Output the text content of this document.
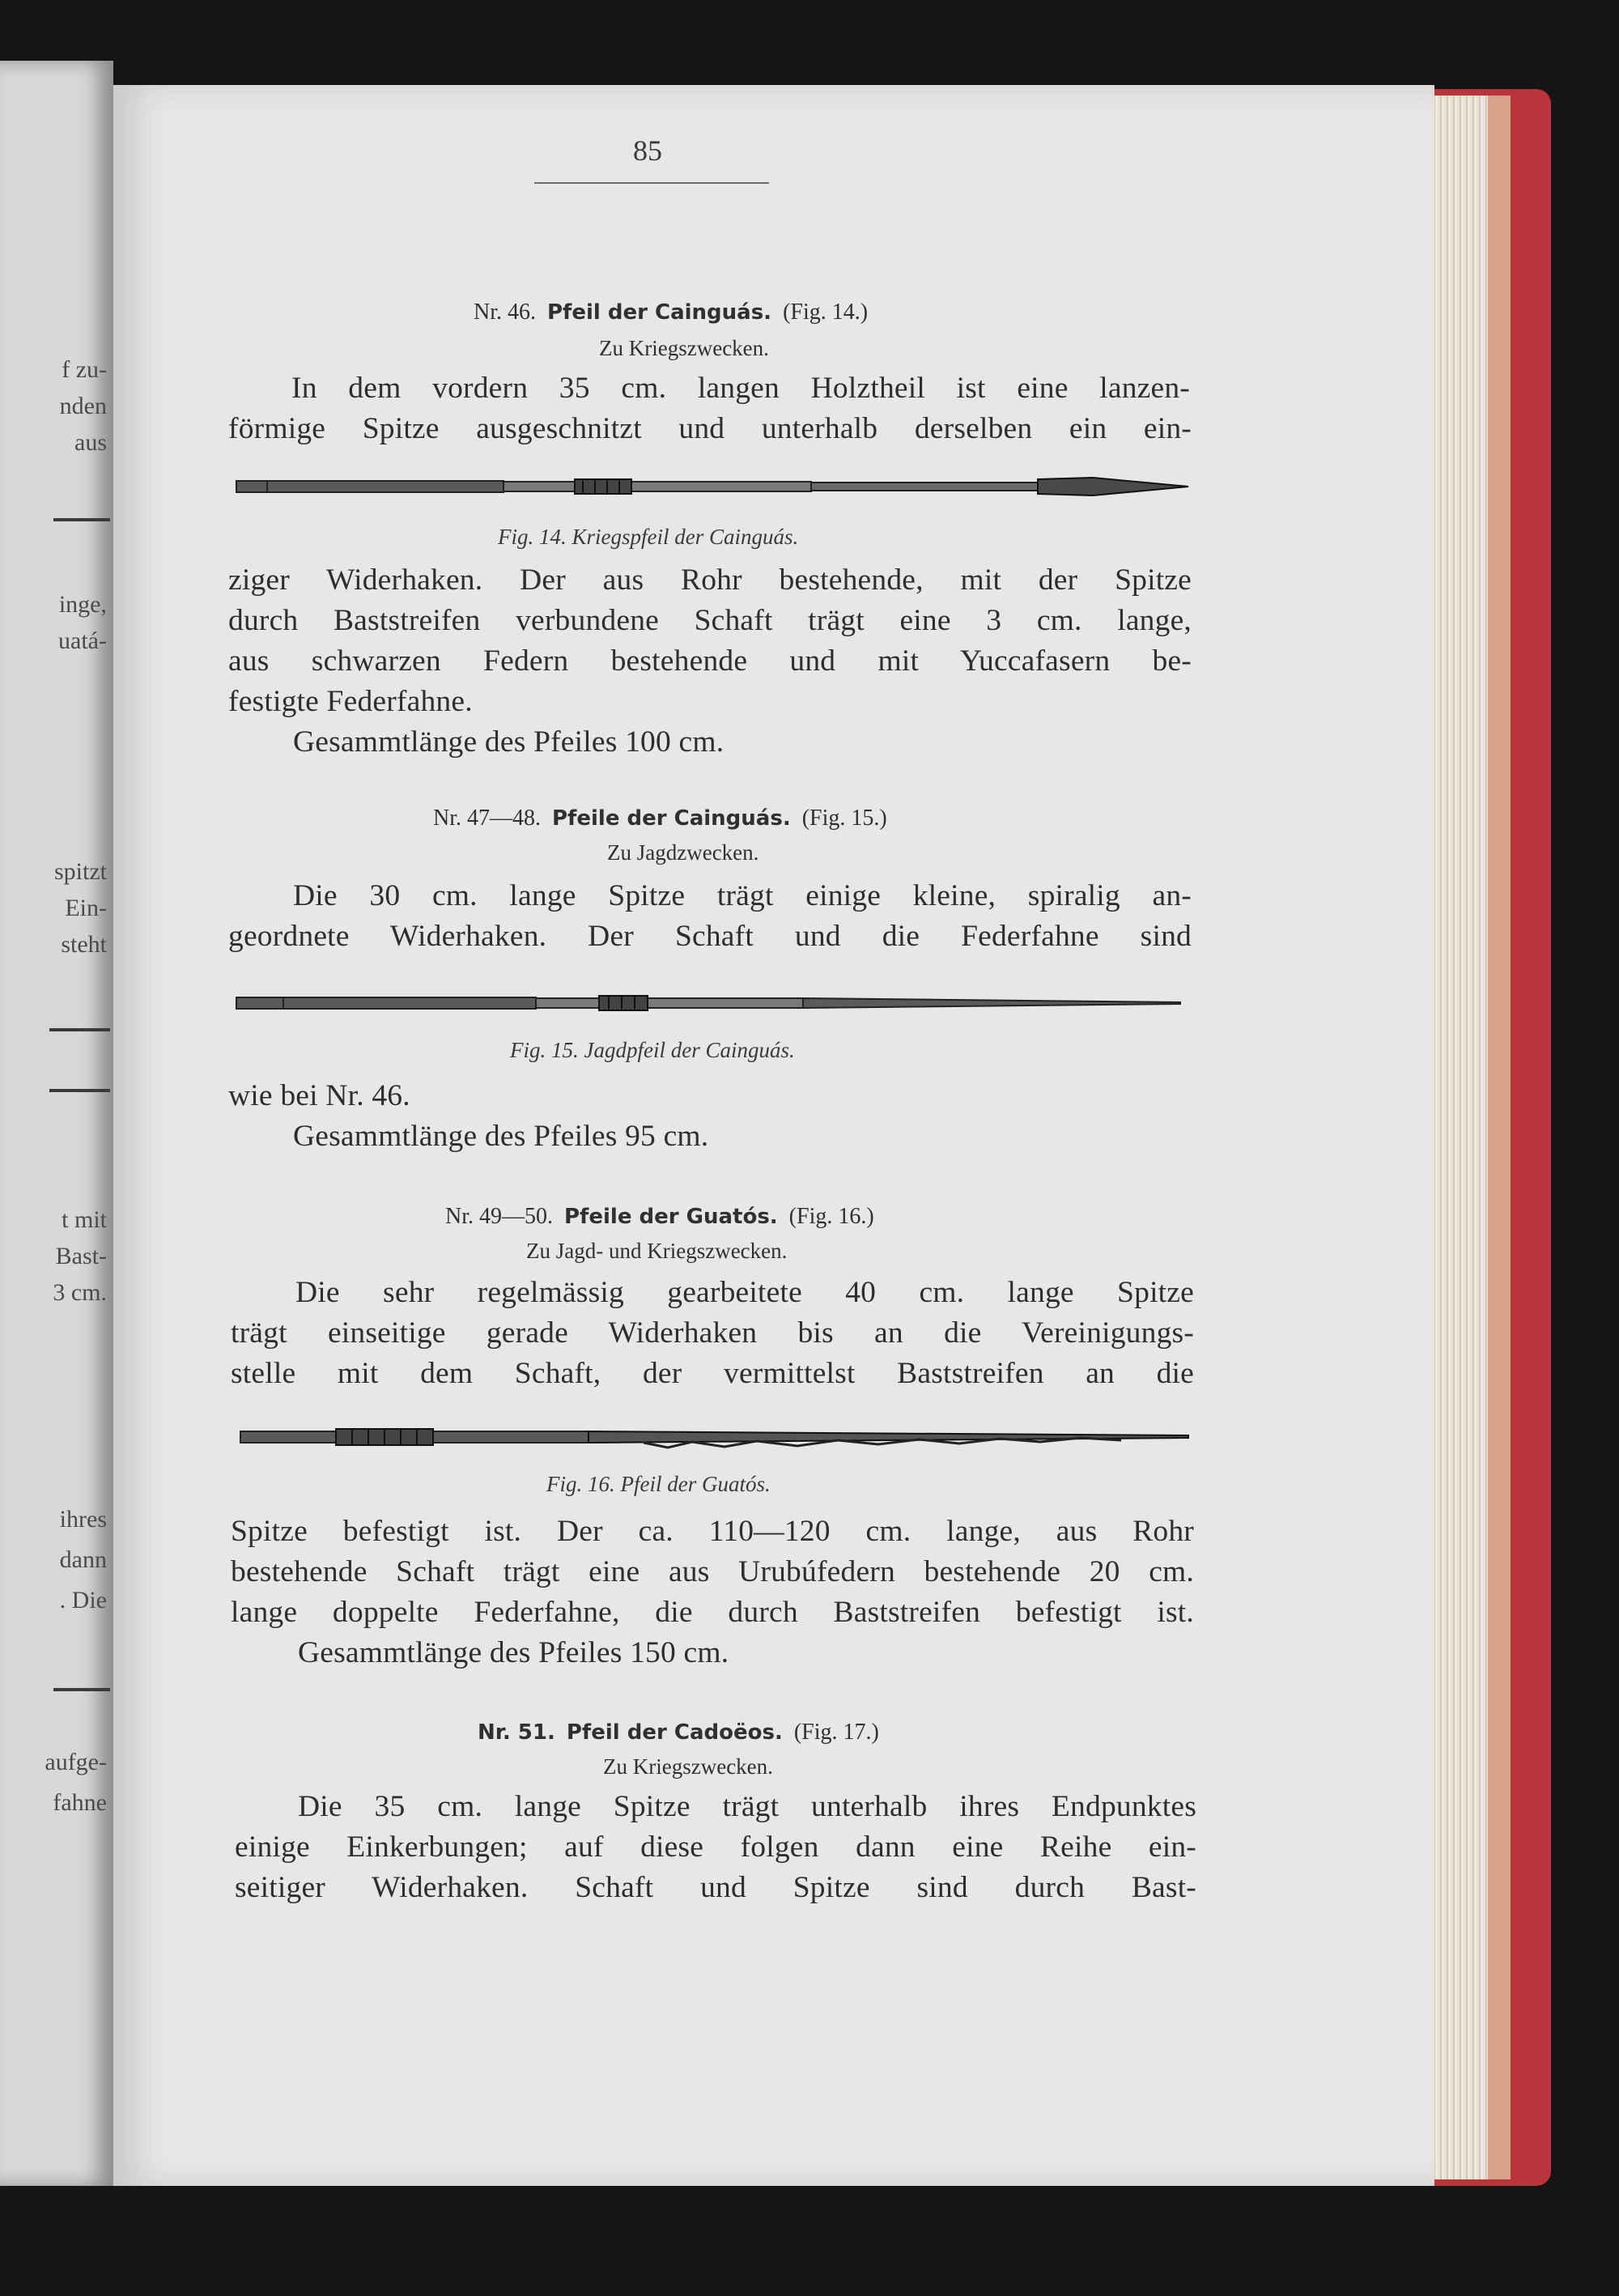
f zu-
nden
aus
inge,
uatá-
spitzt
Ein-
steht
t mit
Bast-
3 cm.
ihres
dann
. Die
aufge-
fahne
85
Nr. 46. Pfeil der Cainguás. (Fig. 14.)
Zu Kriegszwecken.
In dem vordern 35 cm. langen Holztheil ist eine lanzen-
förmige Spitze ausgeschnitzt und unterhalb derselben ein ein-
Fig. 14. Kriegspfeil der Cainguás.
ziger Widerhaken. Der aus Rohr bestehende, mit der Spitze
durch Baststreifen verbundene Schaft trägt eine 3 cm. lange,
aus schwarzen Federn bestehende und mit Yuccafasern be-
festigte Federfahne.
Gesammtlänge des Pfeiles 100 cm.
Nr. 47—48. Pfeile der Cainguás. (Fig. 15.)
Zu Jagdzwecken.
Die 30 cm. lange Spitze trägt einige kleine, spiralig an-
geordnete Widerhaken. Der Schaft und die Federfahne sind
Fig. 15. Jagdpfeil der Cainguás.
wie bei Nr. 46.
Gesammtlänge des Pfeiles 95 cm.
Nr. 49—50. Pfeile der Guatós. (Fig. 16.)
Zu Jagd- und Kriegszwecken.
Die sehr regelmässig gearbeitete 40 cm. lange Spitze
trägt einseitige gerade Widerhaken bis an die Vereinigungs-
stelle mit dem Schaft, der vermittelst Baststreifen an die
Fig. 16. Pfeil der Guatós.
Spitze befestigt ist. Der ca. 110—120 cm. lange, aus Rohr
bestehende Schaft trägt eine aus Urubúfedern bestehende 20 cm.
lange doppelte Federfahne, die durch Baststreifen befestigt ist.
Gesammtlänge des Pfeiles 150 cm.
Nr. 51. Pfeil der Cadoëos. (Fig. 17.)
Zu Kriegszwecken.
Die 35 cm. lange Spitze trägt unterhalb ihres Endpunktes
einige Einkerbungen; auf diese folgen dann eine Reihe ein-
seitiger Widerhaken. Schaft und Spitze sind durch Bast-
